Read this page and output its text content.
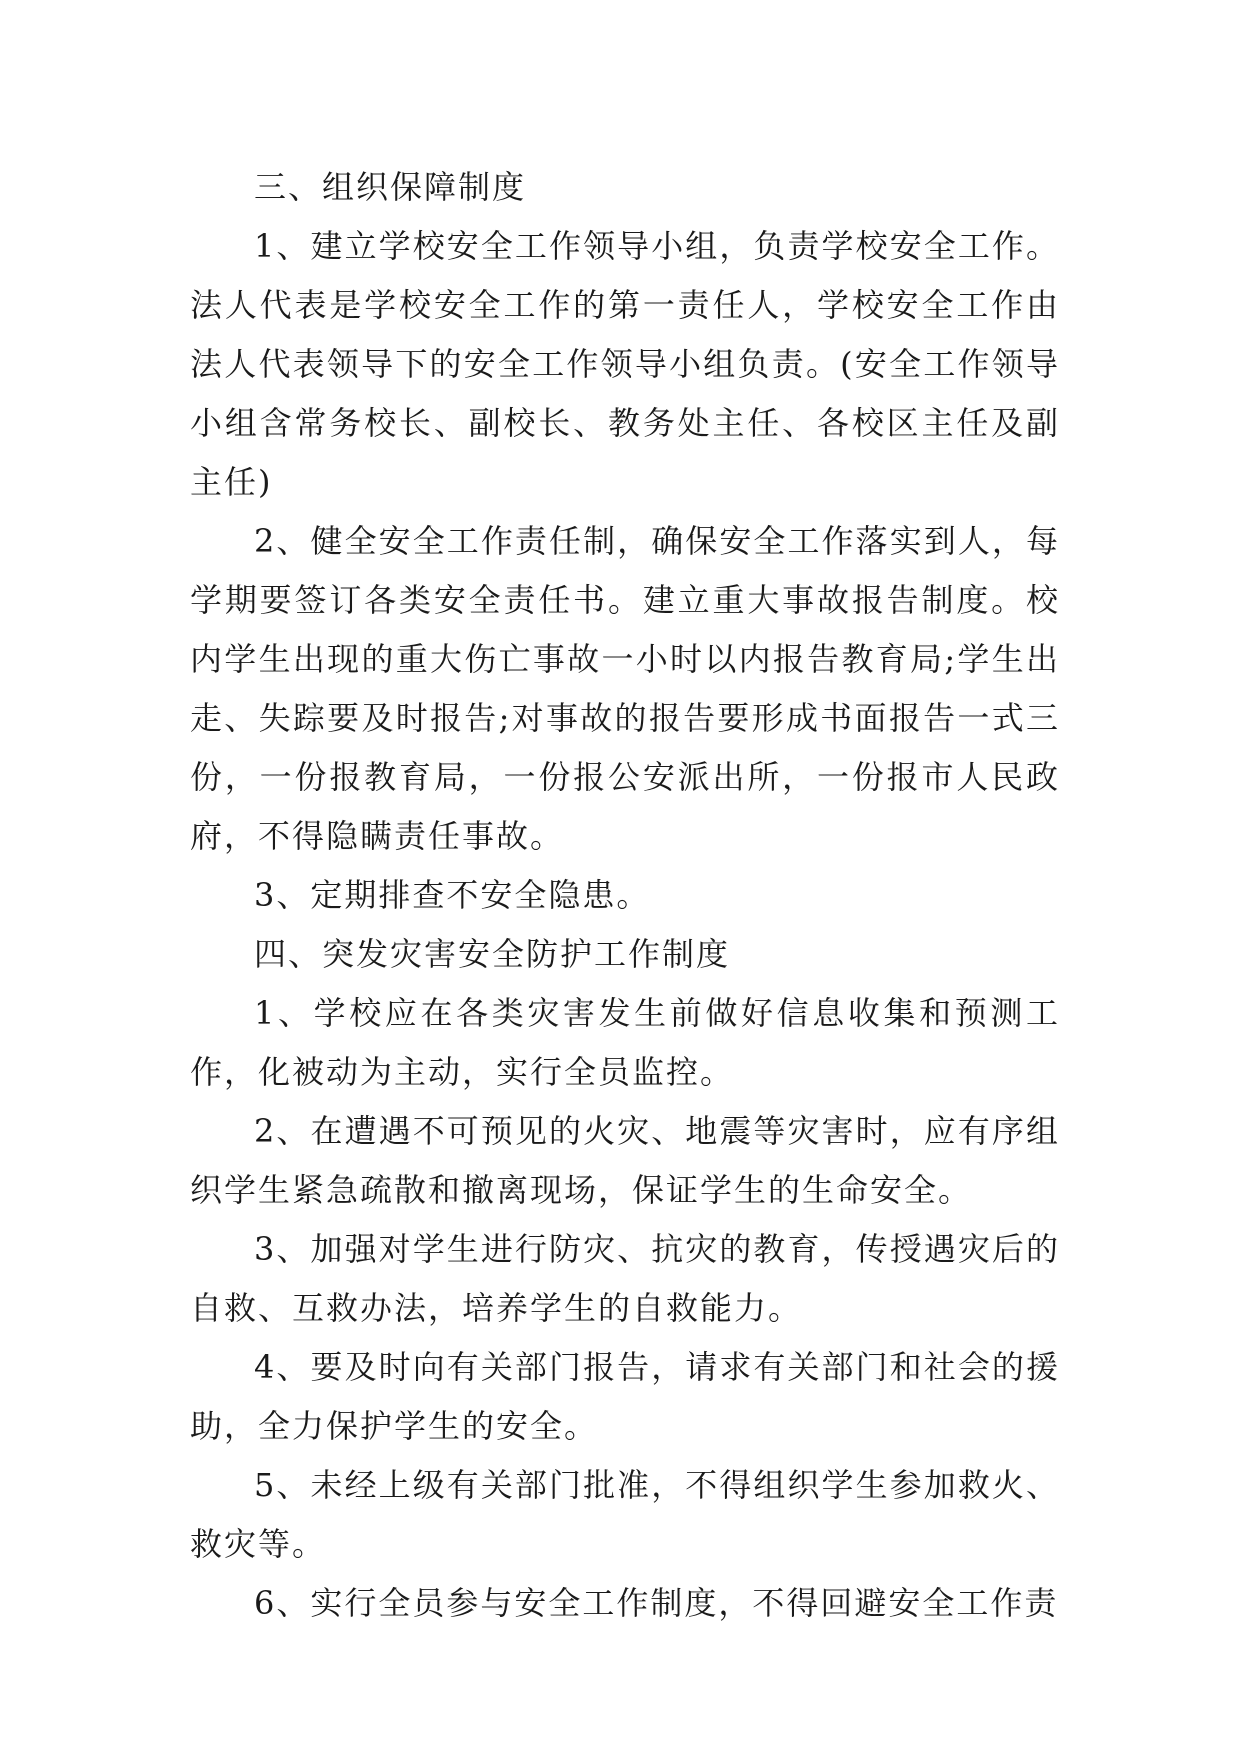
三、组织保障制度

1、建立学校安全工作领导小组，负责学校安全工作。法人代表是学校安全工作的第一责任人，学校安全工作由法人代表领导下的安全工作领导小组负责。(安全工作领导小组含常务校长、副校长、教务处主任、各校区主任及副主任)

2、健全安全工作责任制，确保安全工作落实到人，每学期要签订各类安全责任书。建立重大事故报告制度。校内学生出现的重大伤亡事故一小时以内报告教育局;学生出走、失踪要及时报告;对事故的报告要形成书面报告一式三份，一份报教育局，一份报公安派出所，一份报市人民政府，不得隐瞒责任事故。

3、定期排查不安全隐患。

四、突发灾害安全防护工作制度

1、学校应在各类灾害发生前做好信息收集和预测工作，化被动为主动，实行全员监控。

2、在遭遇不可预见的火灾、地震等灾害时，应有序组织学生紧急疏散和撤离现场，保证学生的生命安全。

3、加强对学生进行防灾、抗灾的教育，传授遇灾后的自救、互救办法，培养学生的自救能力。

4、要及时向有关部门报告，请求有关部门和社会的援助，全力保护学生的安全。

5、未经上级有关部门批准，不得组织学生参加救火、救灾等。

6、实行全员参与安全工作制度，不得回避安全工作责
